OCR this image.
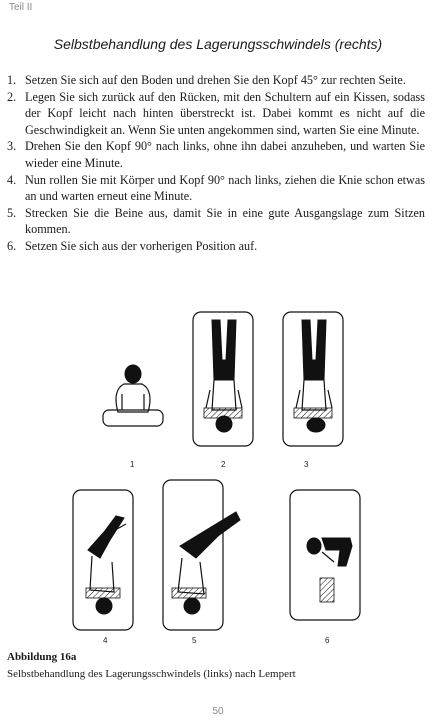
Teil II
Selbstbehandlung des Lagerungsschwindels (rechts)
1. Setzen Sie sich auf den Boden und drehen Sie den Kopf 45° zur rechten Seite.
2. Legen Sie sich zurück auf den Rücken, mit den Schultern auf ein Kissen, sodass der Kopf leicht nach hinten überstreckt ist. Dabei kommt es nicht auf die Geschwindigkeit an. Wenn Sie unten angekommen sind, warten Sie eine Minute.
3. Drehen Sie den Kopf 90° nach links, ohne ihn dabei anzuheben, und warten Sie wieder eine Minute.
4. Nun rollen Sie mit Körper und Kopf 90° nach links, ziehen die Knie schon etwas an und warten erneut eine Minute.
5. Strecken Sie die Beine aus, damit Sie in eine gute Ausgangslage zum Sitzen kommen.
6. Setzen Sie sich aus der vorherigen Position auf.
1	2	3
4	5	6
Abbildung 16a
Selbstbehandlung des Lagerungsschwindels (links) nach Lempert
50
